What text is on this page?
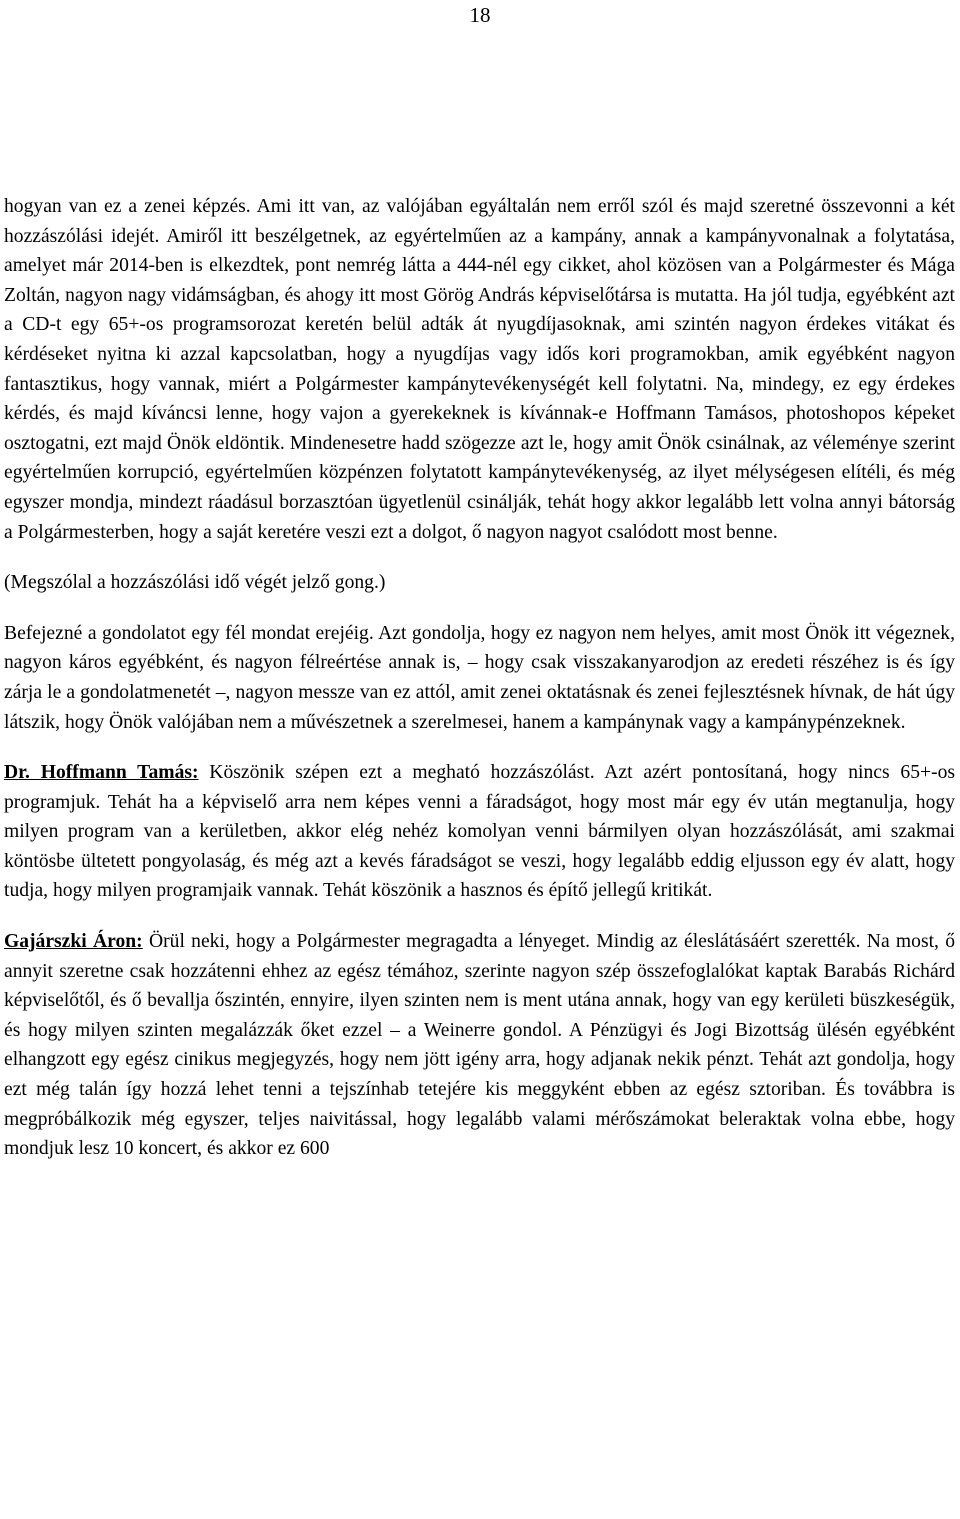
18

hogyan van ez a zenei képzés. Ami itt van, az valójában egyáltalán nem erről szól és majd szeretné összevonni a két hozzászólási idejét. Amiről itt beszélgetnek, az egyértelműen az a kampány, annak a kampányvonalnak a folytatása, amelyet már 2014-ben is elkezdtek, pont nemrég látta a 444-nél egy cikket, ahol közösen van a Polgármester és Mága Zoltán, nagyon nagy vidámságban, és ahogy itt most Görög András képviselőtársa is mutatta. Ha jól tudja, egyébként azt a CD-t egy 65+-os programsorozat keretén belül adták át nyugdíjasoknak, ami szintén nagyon érdekes vitákat és kérdéseket nyitna ki azzal kapcsolatban, hogy a nyugdíjas vagy idős kori programokban, amik egyébként nagyon fantasztikus, hogy vannak, miért a Polgármester kampánytevékenységét kell folytatni. Na, mindegy, ez egy érdekes kérdés, és majd kíváncsi lenne, hogy vajon a gyerekeknek is kívánnak-e Hoffmann Tamásos, photoshopos képeket osztogatni, ezt majd Önök eldöntik. Mindenesetre hadd szögezze azt le, hogy amit Önök csinálnak, az véleménye szerint egyértelműen korrupció, egyértelműen közpénzen folytatott kampánytevékenység, az ilyet mélységesen elítéli, és még egyszer mondja, mindezt ráadásul borzasztóan ügyetlenül csinálják, tehát hogy akkor legalább lett volna annyi bátorság a Polgármesterben, hogy a saját keretére veszi ezt a dolgot, ő nagyon nagyot csalódott most benne.

(Megszólal a hozzászólási idő végét jelző gong.)

Befejezné a gondolatot egy fél mondat erejéig. Azt gondolja, hogy ez nagyon nem helyes, amit most Önök itt végeznek, nagyon káros egyébként, és nagyon félreértése annak is, – hogy csak visszakanyarodjon az eredeti részéhez is és így zárja le a gondolatmenetét –, nagyon messze van ez attól, amit zenei oktatásnak és zenei fejlesztésnek hívnak, de hát úgy látszik, hogy Önök valójában nem a művészetnek a szerelmesei, hanem a kampánynak vagy a kampánypénzeknek.

Dr. Hoffmann Tamás: Köszönik szépen ezt a megható hozzászólást. Azt azért pontosítaná, hogy nincs 65+-os programjuk. Tehát ha a képviselő arra nem képes venni a fáradságot, hogy most már egy év után megtanulja, hogy milyen program van a kerületben, akkor elég nehéz komolyan venni bármilyen olyan hozzászólását, ami szakmai köntösbe ültetett pongyolaság, és még azt a kevés fáradságot se veszi, hogy legalább eddig eljusson egy év alatt, hogy tudja, hogy milyen programjaik vannak. Tehát köszönik a hasznos és építő jellegű kritikát.

Gajárszki Áron: Örül neki, hogy a Polgármester megragadta a lényeget. Mindig az éleslátásáért szerették. Na most, ő annyit szeretne csak hozzátenni ehhez az egész témához, szerinte nagyon szép összefoglalókat kaptak Barabás Richárd képviselőtől, és ő bevallja őszintén, ennyire, ilyen szinten nem is ment utána annak, hogy van egy kerületi büszkeségük, és hogy milyen szinten megalázzák őket ezzel – a Weinerre gondol. A Pénzügyi és Jogi Bizottság ülésén egyébként elhangzott egy egész cinikus megjegyzés, hogy nem jött igény arra, hogy adjanak nekik pénzt. Tehát azt gondolja, hogy ezt még talán így hozzá lehet tenni a tejszínhab tetejére kis meggyként ebben az egész sztoriban. És továbbra is megpróbálkozik még egyszer, teljes naivitással, hogy legalább valami mérőszámokat beleraktak volna ebbe, hogy mondjuk lesz 10 koncert, és akkor ez 600
